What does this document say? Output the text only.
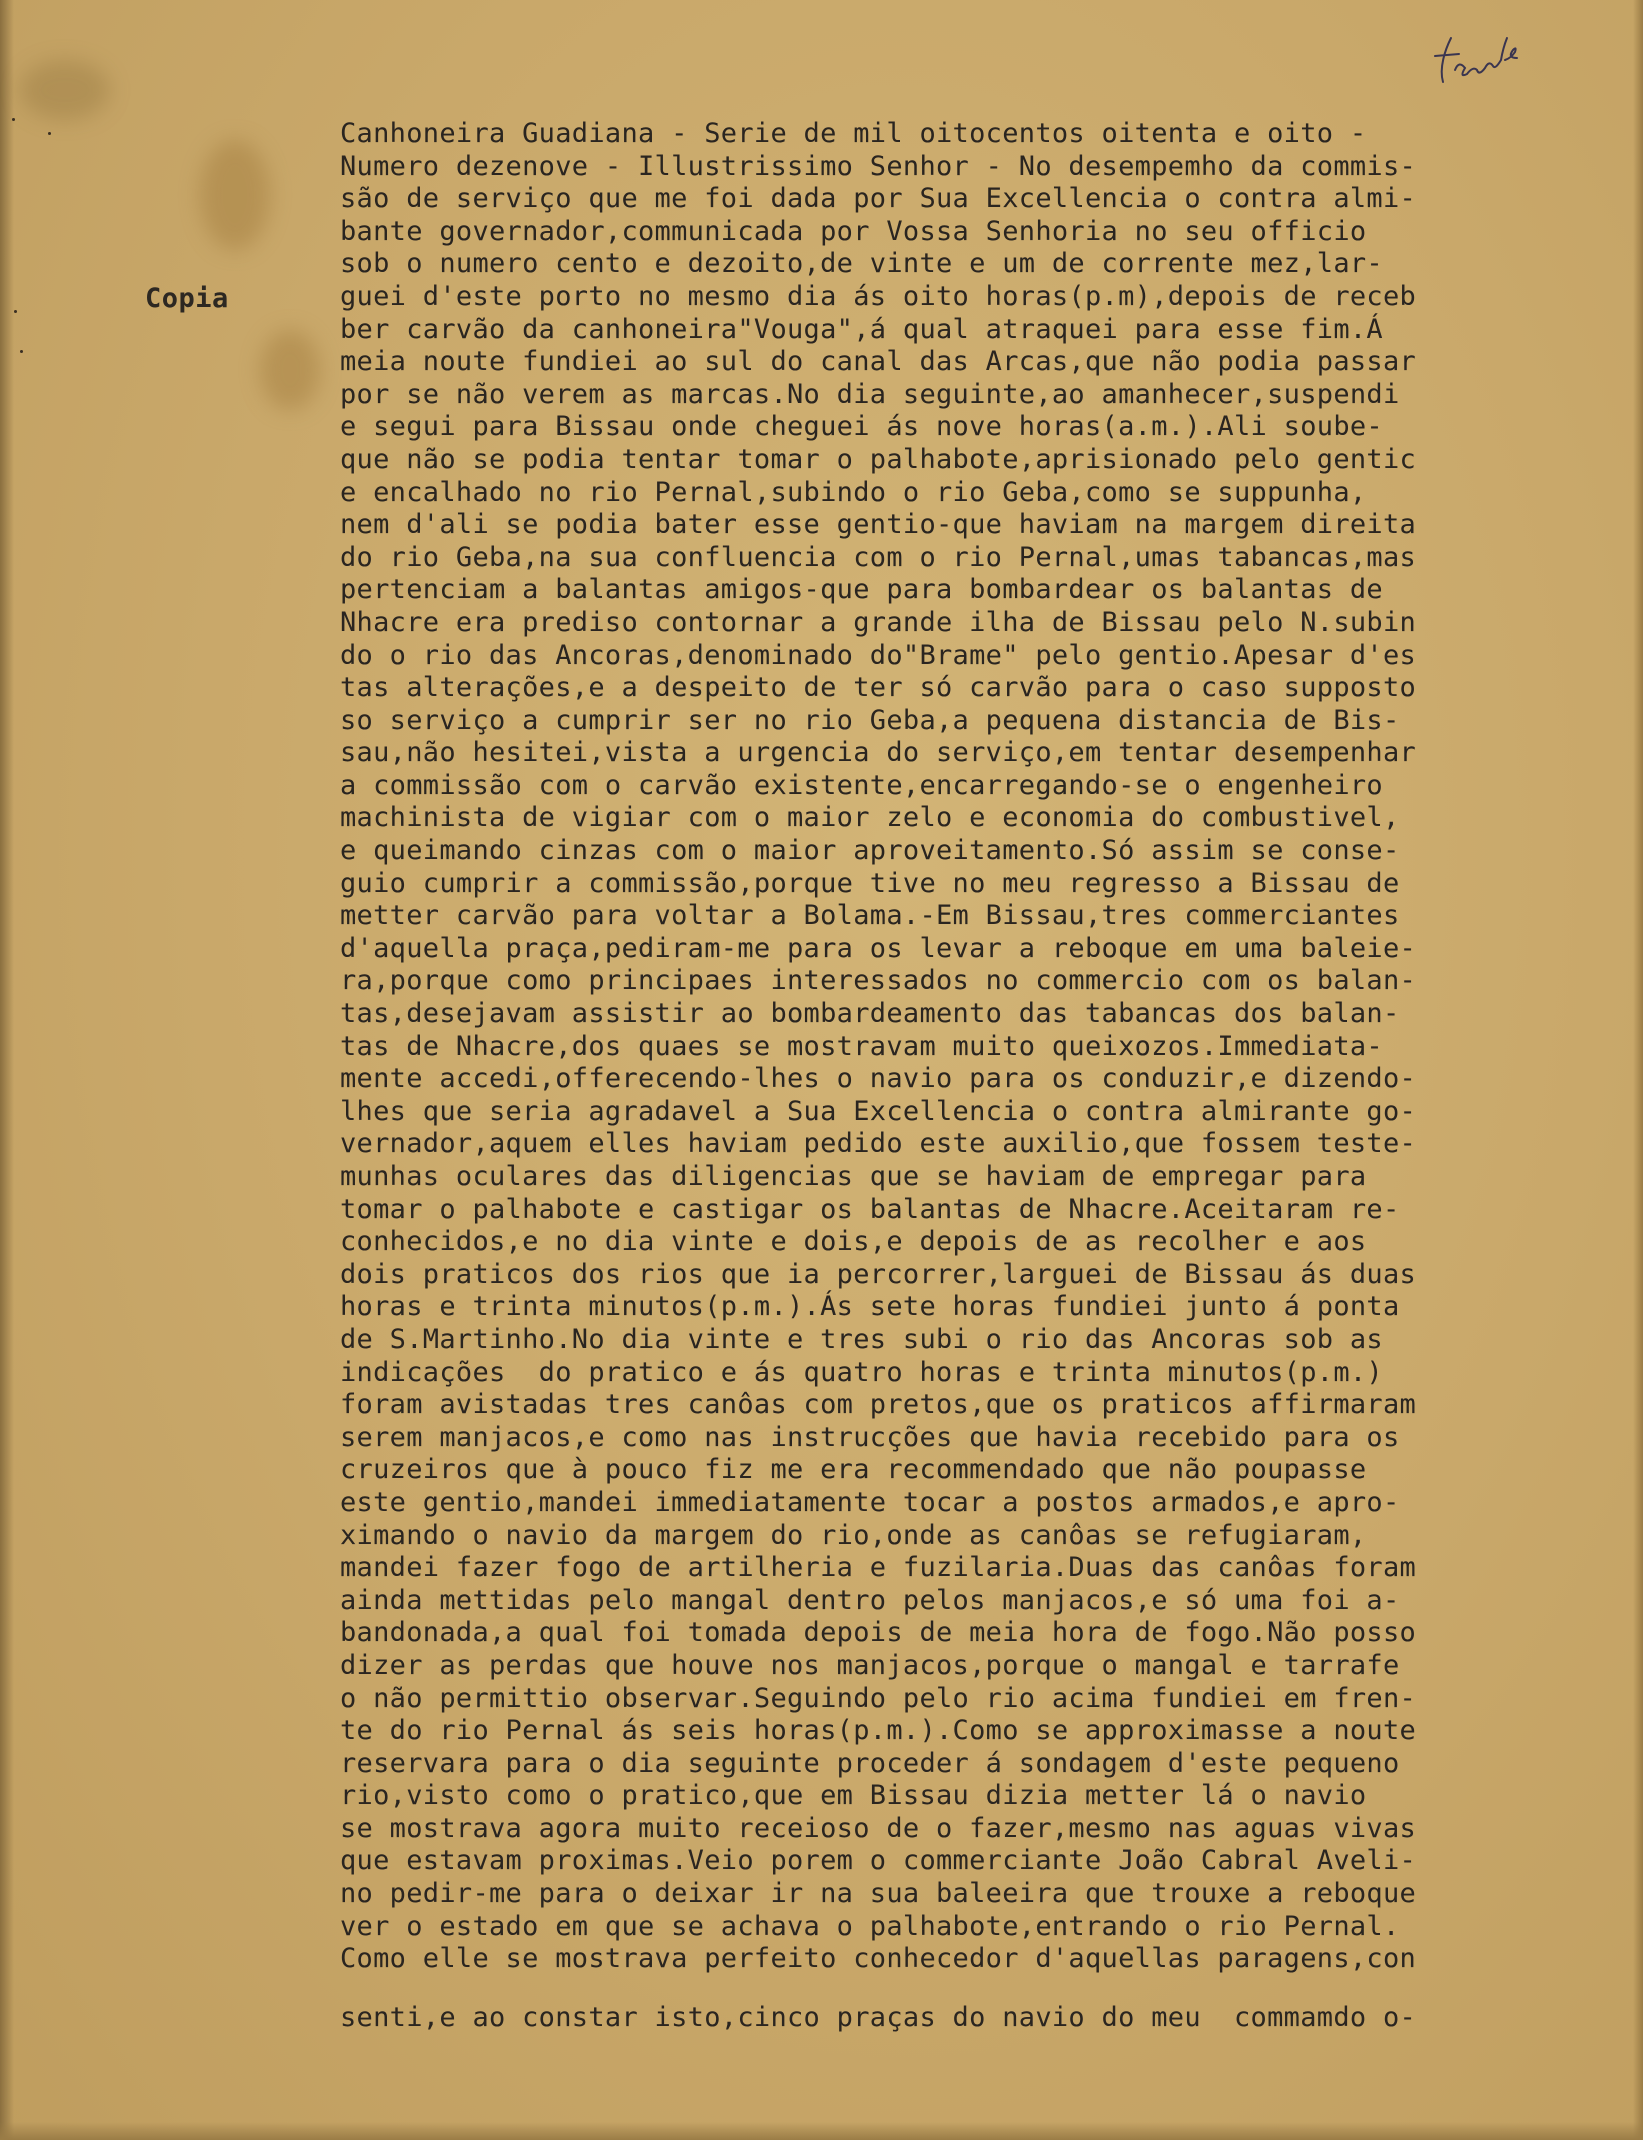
Copia
Canhoneira Guadiana - Serie de mil oitocentos oitenta e oito -
Numero dezenove - Illustrissimo Senhor - No desempemho da commis-
são de serviço que me foi dada por Sua Excellencia o contra almi-
bante governador,communicada por Vossa Senhoria no seu officio
sob o numero cento e dezoito,de vinte e um de corrente mez,lar-
guei d'este porto no mesmo dia ás oito horas(p.m),depois de receb
ber carvão da canhoneira"Vouga",á qual atraquei para esse fim.Á
meia noute fundiei ao sul do canal das Arcas,que não podia passar
por se não verem as marcas.No dia seguinte,ao amanhecer,suspendi
e segui para Bissau onde cheguei ás nove horas(a.m.).Ali soube-
que não se podia tentar tomar o palhabote,aprisionado pelo gentic
e encalhado no rio Pernal,subindo o rio Geba,como se suppunha,
nem d'ali se podia bater esse gentio-que haviam na margem direita
do rio Geba,na sua confluencia com o rio Pernal,umas tabancas,mas
pertenciam a balantas amigos-que para bombardear os balantas de
Nhacre era prediso contornar a grande ilha de Bissau pelo N.subin
do o rio das Ancoras,denominado do"Brame" pelo gentio.Apesar d'es
tas alterações,e a despeito de ter só carvão para o caso supposto
so serviço a cumprir ser no rio Geba,a pequena distancia de Bis-
sau,não hesitei,vista a urgencia do serviço,em tentar desempenhar
a commissão com o carvão existente,encarregando-se o engenheiro
machinista de vigiar com o maior zelo e economia do combustivel,
e queimando cinzas com o maior aproveitamento.Só assim se conse-
guio cumprir a commissão,porque tive no meu regresso a Bissau de
metter carvão para voltar a Bolama.-Em Bissau,tres commerciantes
d'aquella praça,pediram-me para os levar a reboque em uma baleie-
ra,porque como principaes interessados no commercio com os balan-
tas,desejavam assistir ao bombardeamento das tabancas dos balan-
tas de Nhacre,dos quaes se mostravam muito queixozos.Immediata-
mente accedi,offerecendo-lhes o navio para os conduzir,e dizendo-
lhes que seria agradavel a Sua Excellencia o contra almirante go-
vernador,aquem elles haviam pedido este auxilio,que fossem teste-
munhas oculares das diligencias que se haviam de empregar para
tomar o palhabote e castigar os balantas de Nhacre.Aceitaram re-
conhecidos,e no dia vinte e dois,e depois de as recolher e aos
dois praticos dos rios que ia percorrer,larguei de Bissau ás duas
horas e trinta minutos(p.m.).Ás sete horas fundiei junto á ponta
de S.Martinho.No dia vinte e tres subi o rio das Ancoras sob as
indicações  do pratico e ás quatro horas e trinta minutos(p.m.)
foram avistadas tres canôas com pretos,que os praticos affirmaram
serem manjacos,e como nas instrucções que havia recebido para os
cruzeiros que à pouco fiz me era recommendado que não poupasse
este gentio,mandei immediatamente tocar a postos armados,e apro-
ximando o navio da margem do rio,onde as canôas se refugiaram,
mandei fazer fogo de artilheria e fuzilaria.Duas das canôas foram
ainda mettidas pelo mangal dentro pelos manjacos,e só uma foi a-
bandonada,a qual foi tomada depois de meia hora de fogo.Não posso
dizer as perdas que houve nos manjacos,porque o mangal e tarrafe
o não permittio observar.Seguindo pelo rio acima fundiei em fren-
te do rio Pernal ás seis horas(p.m.).Como se approximasse a noute
reservara para o dia seguinte proceder á sondagem d'este pequeno
rio,visto como o pratico,que em Bissau dizia metter lá o navio
se mostrava agora muito receioso de o fazer,mesmo nas aguas vivas
que estavam proximas.Veio porem o commerciante João Cabral Aveli-
no pedir-me para o deixar ir na sua baleeira que trouxe a reboque
ver o estado em que se achava o palhabote,entrando o rio Pernal.
Como elle se mostrava perfeito conhecedor d'aquellas paragens,con
senti,e ao constar isto,cinco praças do navio do meu  commamdo o-
